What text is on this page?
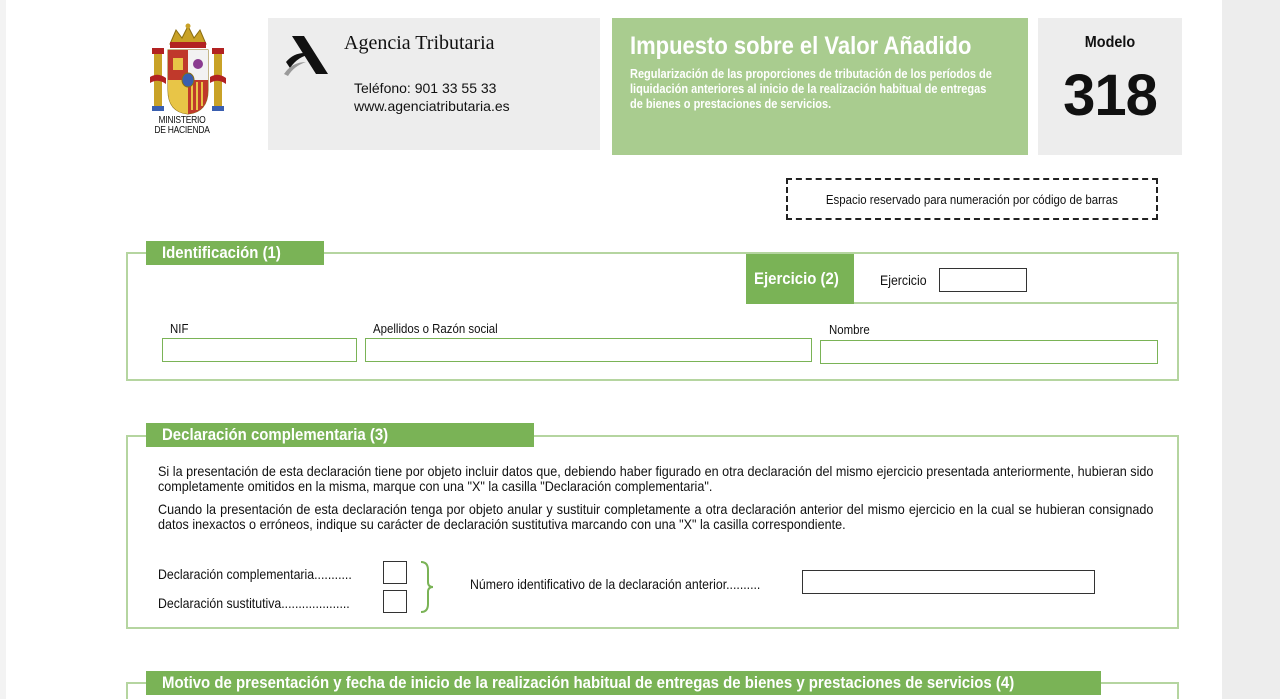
MINISTERIO
DE HACIENDA
Agencia Tributaria
Teléfono: 901 33 55 33
www.agenciatributaria.es
Impuesto sobre el Valor Añadido
Regularización de las proporciones de tributación de los períodos de liquidación anteriores al inicio de la realización habitual de entregas de bienes o prestaciones de servicios.
Modelo
318
Espacio reservado para numeración por código de barras
Identificación (1)
Ejercicio (2)	Ejercicio
NIF	Apellidos o Razón social	Nombre
Declaración complementaria (3)

Si la presentación de esta declaración tiene por objeto incluir datos que, debiendo haber figurado en otra declaración del mismo ejercicio presentada anteriormente, hubieran sido completamente omitidos en la misma, marque con una "X" la casilla "Declaración complementaria".

Cuando la presentación de esta declaración tenga por objeto anular y sustituir completamente a otra declaración anterior del mismo ejercicio en la cual se hubieran consignado datos inexactos o erróneos, indique su carácter de declaración sustitutiva marcando con una "X" la casilla correspondiente.

Declaración complementaria...........
Declaración sustitutiva....................
Número identificativo de la declaración anterior..........
Motivo de presentación y fecha de inicio de la realización habitual de entregas de bienes y prestaciones de servicios (4)
